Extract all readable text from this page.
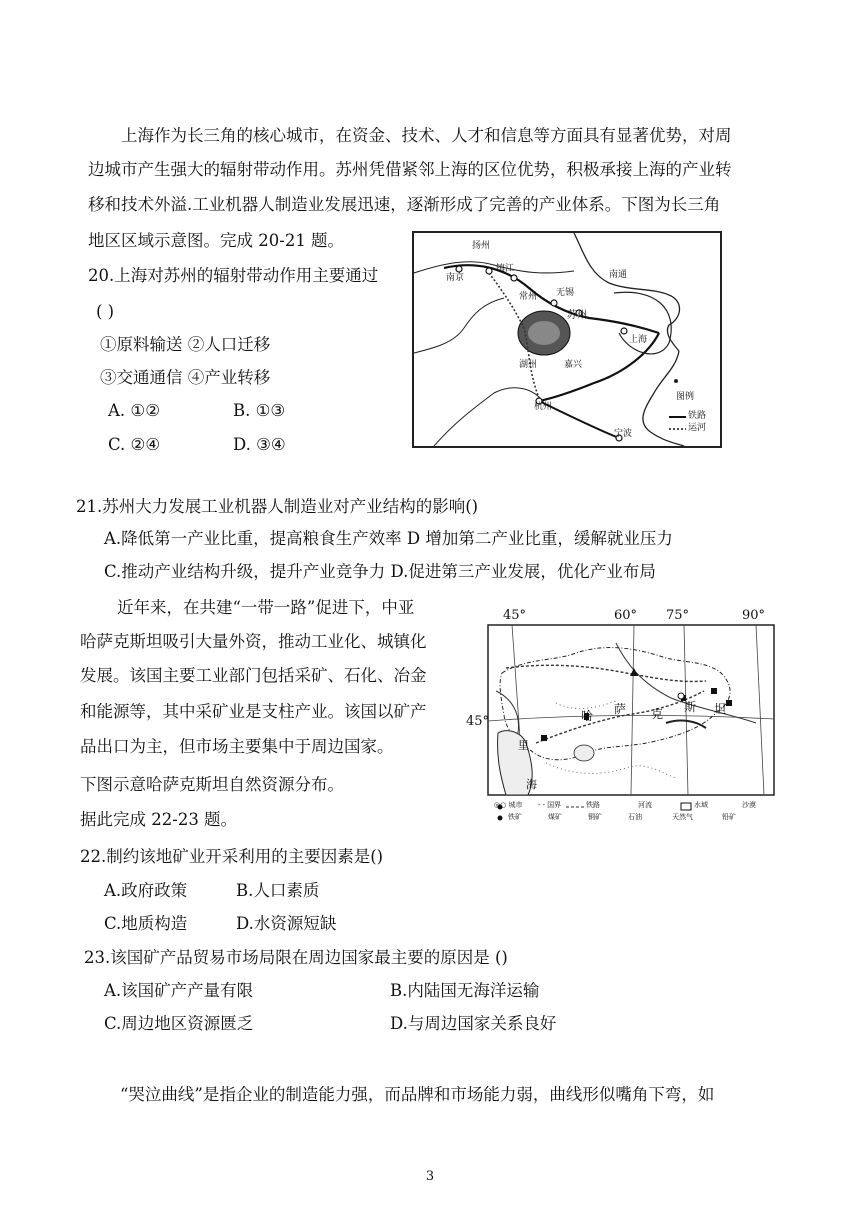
上海作为长三角的核心城市，在资金、技术、人才和信息等方面具有显著优势，对周
边城市产生强大的辐射带动作用。苏州凭借紧邻上海的区位优势，积极承接上海的产业转
移和技术外溢.工业机器人制造业发展迅速，逐渐形成了完善的产业体系。下图为长三角
地区区域示意图。完成 20-21 题。
20.上海对苏州的辐射带动作用主要通过
( )
①原料输送 ②人口迁移
③交通通信 ④产业转移
A. ①②	B. ①③
C. ②④	D. ③④
扬州
南京
镇江
南通
常州 无锡
苏州
上海
湖州	嘉兴
杭州
宁波
图例
铁路
运河
21.苏州大力发展工业机器人制造业对产业结构的影响()
A.降低第一产业比重，提高粮食生产效率 D 增加第二产业比重，缓解就业压力
C.推动产业结构升级，提升产业竞争力 D.促进第三产业发展，优化产业布局
近年来，在共建“一带一路”促进下，中亚
哈萨克斯坦吸引大量外资，推动工业化、城镇化
发展。该国主要工业部门包括采矿、石化、冶金
和能源等，其中采矿业是支柱产业。该国以矿产
品出口为主，但市场主要集中于周边国家。
下图示意哈萨克斯坦自然资源分布。
据此完成 22-23 题。
45°	60° 75°	90°
45°	哈 萨 克 斯 坦
里
海
◎○ 城市 - - 国界	铁路	河流	水域	沙漠
铁矿	煤矿	铜矿	石油	天然气	铅矿
22.制约该地矿业开采利用的主要因素是()
A.政府政策	B.人口素质
C.地质构造	D.水资源短缺
23.该国矿产品贸易市场局限在周边国家最主要的原因是 ()
A.该国矿产产量有限	B.内陆国无海洋运输
C.周边地区资源匮乏	D.与周边国家关系良好
“哭泣曲线”是指企业的制造能力强，而品牌和市场能力弱，曲线形似嘴角下弯，如
3
